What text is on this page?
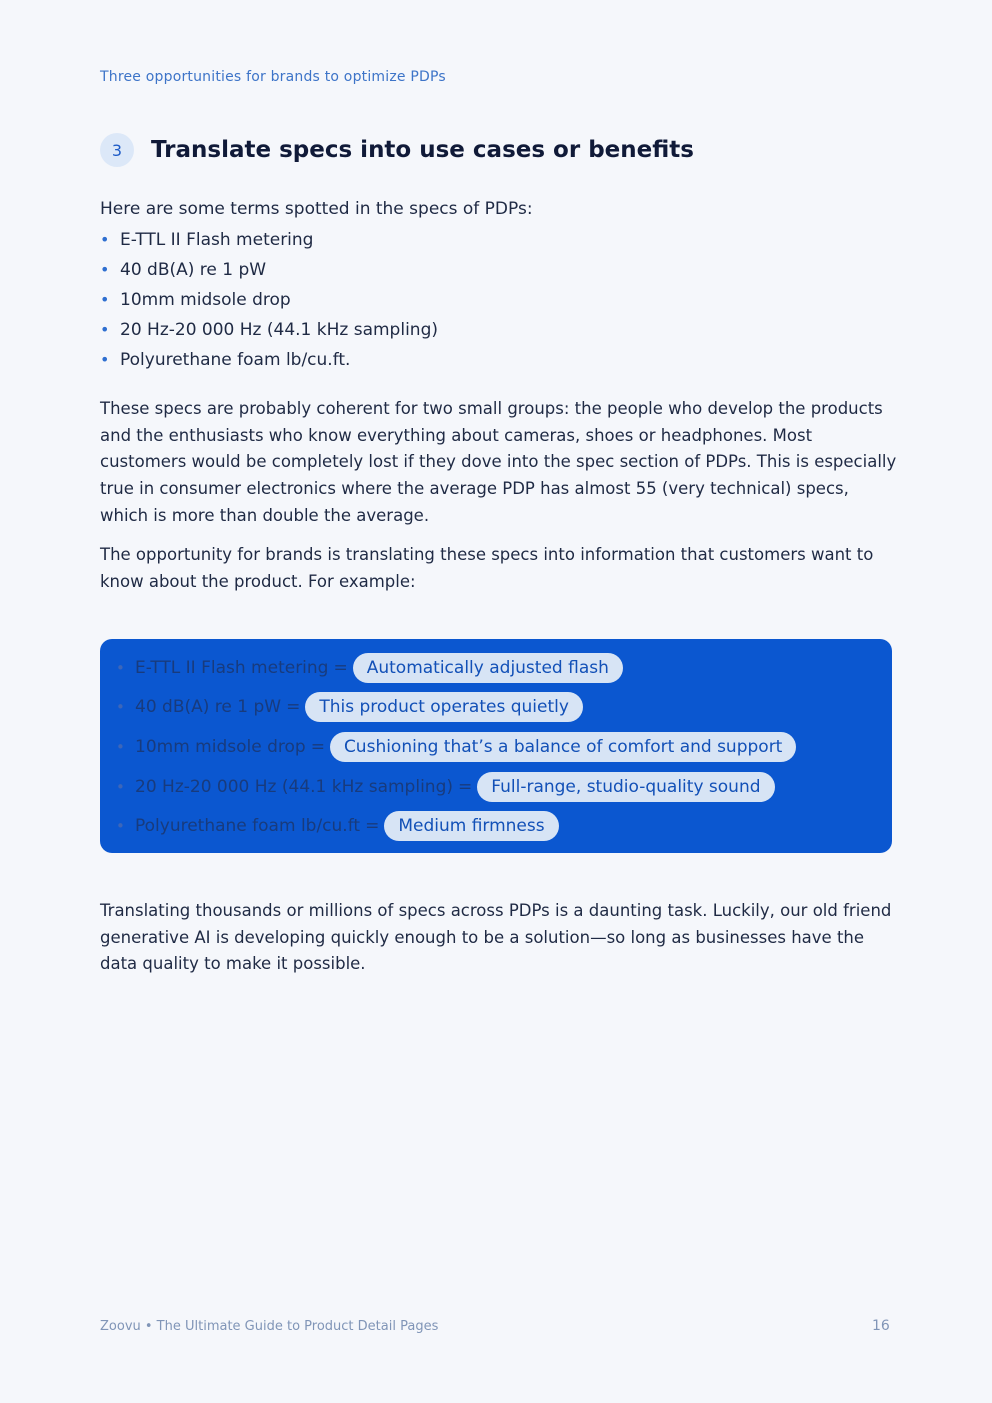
Three opportunities for brands to optimize PDPs
3	Translate specs into use cases or benefits
Here are some terms spotted in the specs of PDPs:
• E-TTL II Flash metering
• 40 dB(A) re 1 pW
• 10mm midsole drop
• 20 Hz-20 000 Hz (44.1 kHz sampling)
• Polyurethane foam lb/cu.ft.

These specs are probably coherent for two small groups: the people who develop the products and the enthusiasts who know everything about cameras, shoes or headphones. Most customers would be completely lost if they dove into the spec section of PDPs. This is especially true in consumer electronics where the average PDP has almost 55 (very technical) specs, which is more than double the average.

The opportunity for brands is translating these specs into information that customers want to know about the product. For example:

• E-TTL II Flash metering =	Automatically adjusted flash
• 40 dB(A) re 1 pW =	This product operates quietly
• 10mm midsole drop =	Cushioning that’s a balance of comfort and support
• 20 Hz-20 000 Hz (44.1 kHz sampling) =	Full-range, studio-quality sound
• Polyurethane foam lb/cu.ft =	Medium firmness

Translating thousands or millions of specs across PDPs is a daunting task. Luckily, our old friend generative AI is developing quickly enough to be a solution—so long as businesses have the data quality to make it possible.

Zoovu • The Ultimate Guide to Product Detail Pages	16
